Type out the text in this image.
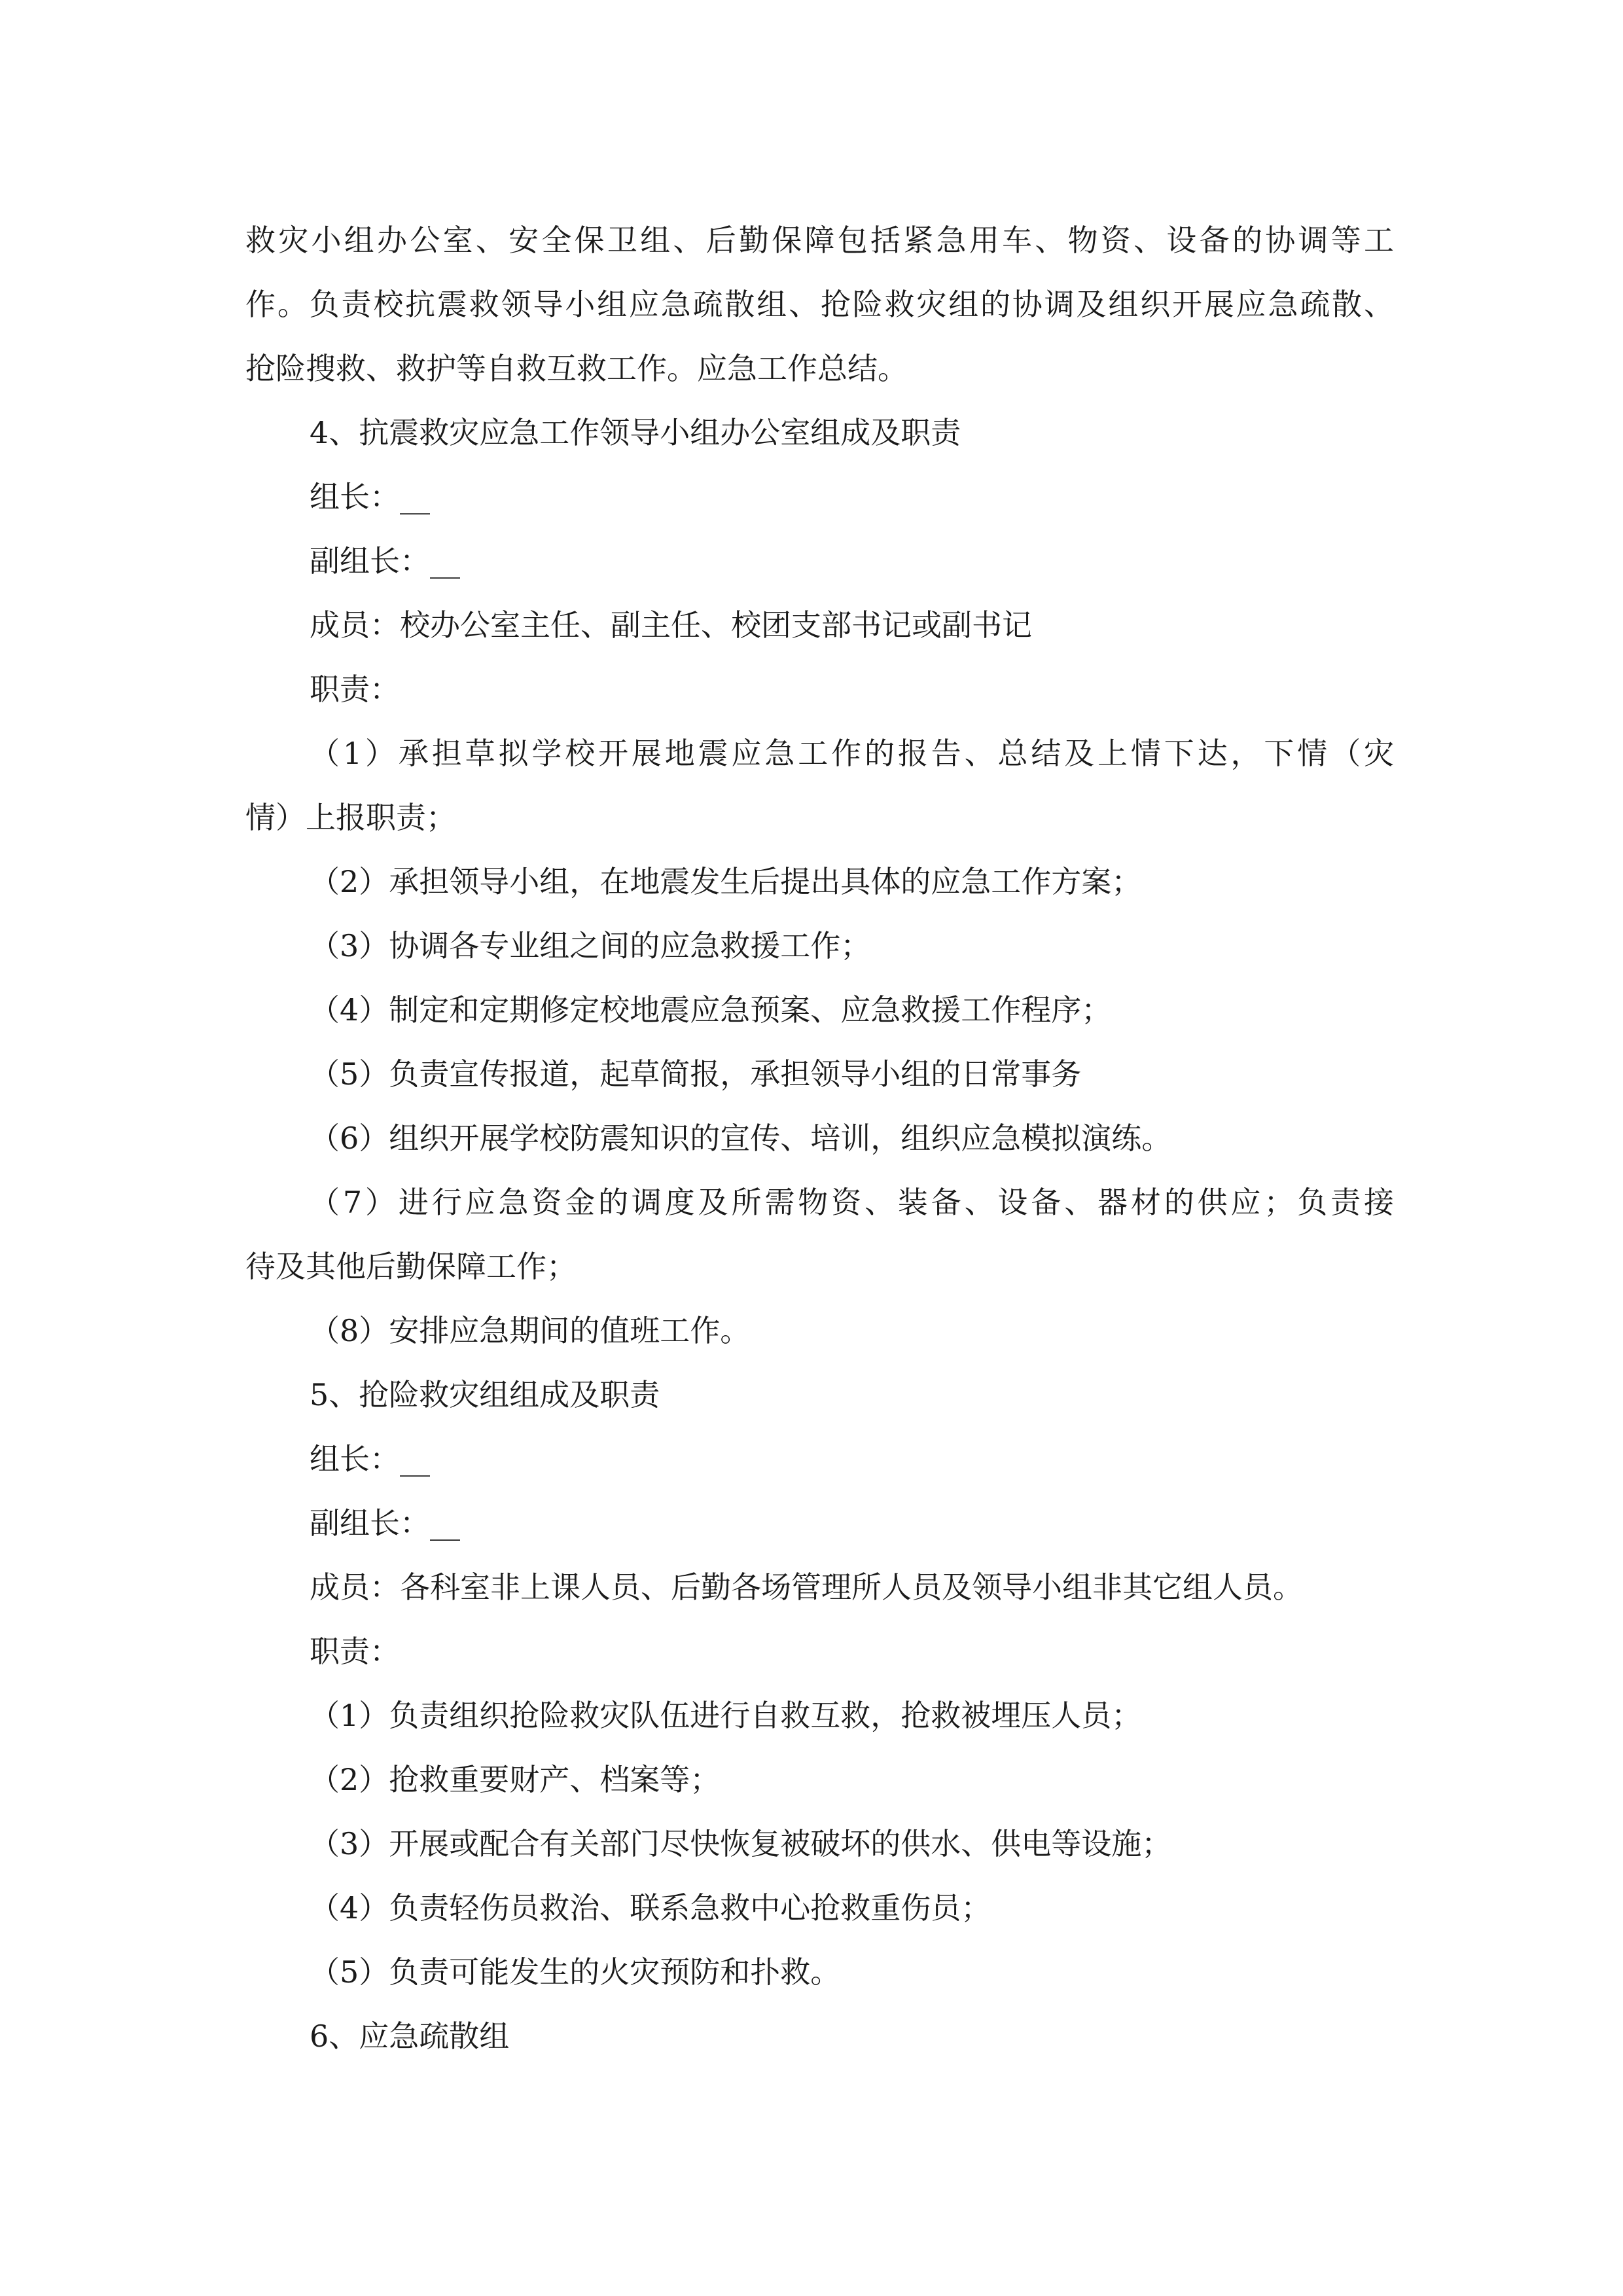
救灾小组办公室、安全保卫组、后勤保障包括紧急用车、物资、设备的协调等工

作。负责校抗震救领导小组应急疏散组、抢险救灾组的协调及组织开展应急疏散、

抢险搜救、救护等自救互救工作。应急工作总结。

4、抗震救灾应急工作领导小组办公室组成及职责

组长：__

副组长：__

成员：校办公室主任、副主任、校团支部书记或副书记

职责：

（1）承担草拟学校开展地震应急工作的报告、总结及上情下达，下情（灾

情）上报职责；

（2）承担领导小组，在地震发生后提出具体的应急工作方案；

（3）协调各专业组之间的应急救援工作；

（4）制定和定期修定校地震应急预案、应急救援工作程序；

（5）负责宣传报道，起草简报，承担领导小组的日常事务

（6）组织开展学校防震知识的宣传、培训，组织应急模拟演练。

（7）进行应急资金的调度及所需物资、装备、设备、器材的供应；负责接

待及其他后勤保障工作；

（8）安排应急期间的值班工作。

5、抢险救灾组组成及职责

组长：__

副组长：__

成员：各科室非上课人员、后勤各场管理所人员及领导小组非其它组人员。

职责：

（1）负责组织抢险救灾队伍进行自救互救，抢救被埋压人员；

（2）抢救重要财产、档案等；

（3）开展或配合有关部门尽快恢复被破坏的供水、供电等设施；

（4）负责轻伤员救治、联系急救中心抢救重伤员；

（5）负责可能发生的火灾预防和扑救。

6、应急疏散组
